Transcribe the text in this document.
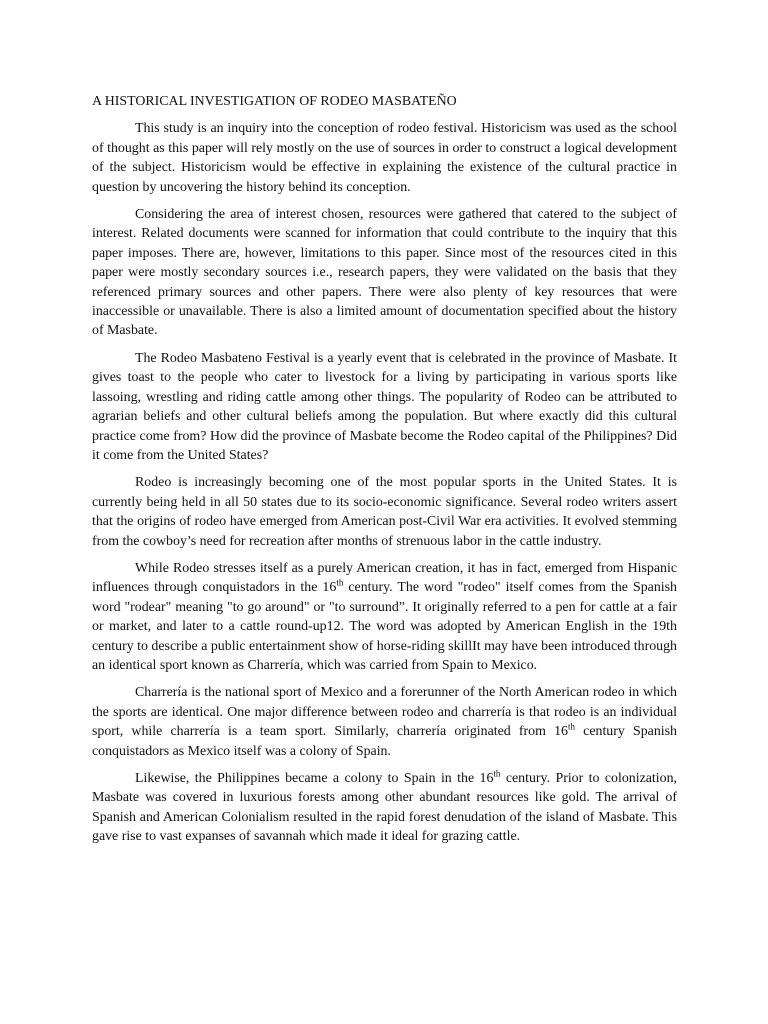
A HISTORICAL INVESTIGATION OF RODEO MASBATEÑO

This study is an inquiry into the conception of rodeo festival. Historicism was used as the school of thought as this paper will rely mostly on the use of sources in order to construct a logical development of the subject. Historicism would be effective in explaining the existence of the cultural practice in question by uncovering the history behind its conception.

Considering the area of interest chosen, resources were gathered that catered to the subject of interest. Related documents were scanned for information that could contribute to the inquiry that this paper imposes. There are, however, limitations to this paper. Since most of the resources cited in this paper were mostly secondary sources i.e., research papers, they were validated on the basis that they referenced primary sources and other papers. There were also plenty of key resources that were inaccessible or unavailable. There is also a limited amount of documentation specified about the history of Masbate.

The Rodeo Masbateno Festival is a yearly event that is celebrated in the province of Masbate. It gives toast to the people who cater to livestock for a living by participating in various sports like lassoing, wrestling and riding cattle among other things. The popularity of Rodeo can be attributed to agrarian beliefs and other cultural beliefs among the population. But where exactly did this cultural practice come from? How did the province of Masbate become the Rodeo capital of the Philippines? Did it come from the United States?

Rodeo is increasingly becoming one of the most popular sports in the United States. It is currently being held in all 50 states due to its socio-economic significance. Several rodeo writers assert that the origins of rodeo have emerged from American post-Civil War era activities. It evolved stemming from the cowboy’s need for recreation after months of strenuous labor in the cattle industry.

While Rodeo stresses itself as a purely American creation, it has in fact, emerged from Hispanic influences through conquistadors in the 16th century. The word "rodeo" itself comes from the Spanish word "rodear" meaning "to go around" or "to surround”. It originally referred to a pen for cattle at a fair or market, and later to a cattle round-up12. The word was adopted by American English in the 19th century to describe a public entertainment show of horse-riding skillIt may have been introduced through an identical sport known as Charrería, which was carried from Spain to Mexico.

Charrería is the national sport of Mexico and a forerunner of the North American rodeo in which the sports are identical. One major difference between rodeo and charrería is that rodeo is an individual sport, while charrería is a team sport. Similarly, charrería originated from 16th century Spanish conquistadors as Mexico itself was a colony of Spain.

Likewise, the Philippines became a colony to Spain in the 16th century. Prior to colonization, Masbate was covered in luxurious forests among other abundant resources like gold. The arrival of Spanish and American Colonialism resulted in the rapid forest denudation of the island of Masbate. This gave rise to vast expanses of savannah which made it ideal for grazing cattle.
